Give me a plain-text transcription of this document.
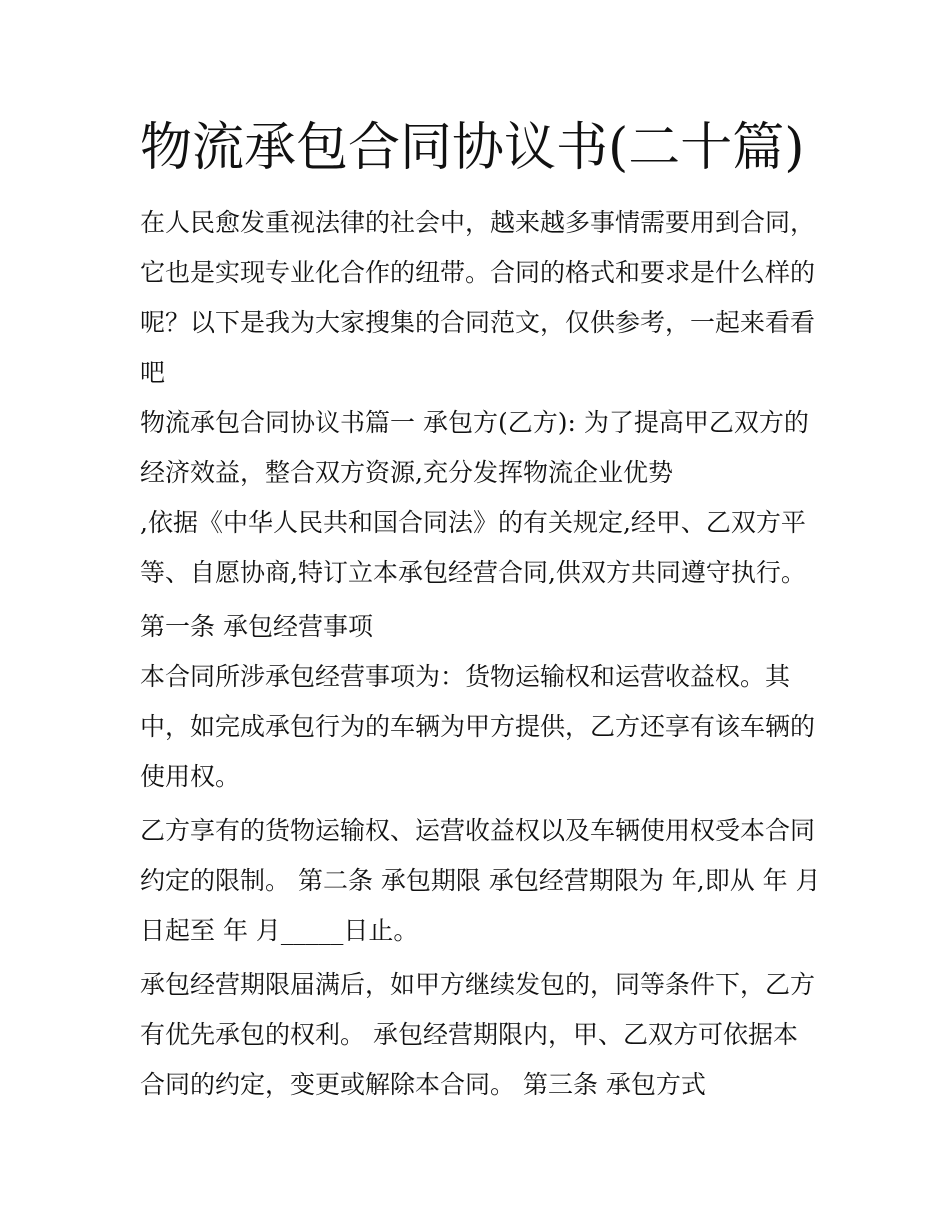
物流承包合同协议书(二十篇)

在人民愈发重视法律的社会中，越来越多事情需要用到合同，

它也是实现专业化合作的纽带。合同的格式和要求是什么样的

呢？以下是我为大家搜集的合同范文，仅供参考，一起来看看

吧

物流承包合同协议书篇一 承包方(乙方): 为了提高甲乙双方的

经济效益，整合双方资源,充分发挥物流企业优势

,依据《中华人民共和国合同法》的有关规定,经甲、乙双方平

等、自愿协商,特订立本承包经营合同,供双方共同遵守执行。

第一条 承包经营事项

本合同所涉承包经营事项为：货物运输权和运营收益权。其

中，如完成承包行为的车辆为甲方提供，乙方还享有该车辆的

使用权。

乙方享有的货物运输权、运营收益权以及车辆使用权受本合同

约定的限制。 第二条 承包期限 承包经营期限为 年,即从 年 月

日起至 年 月_____日止。

承包经营期限届满后，如甲方继续发包的，同等条件下，乙方

有优先承包的权利。 承包经营期限内，甲、乙双方可依据本

合同的约定，变更或解除本合同。 第三条 承包方式
